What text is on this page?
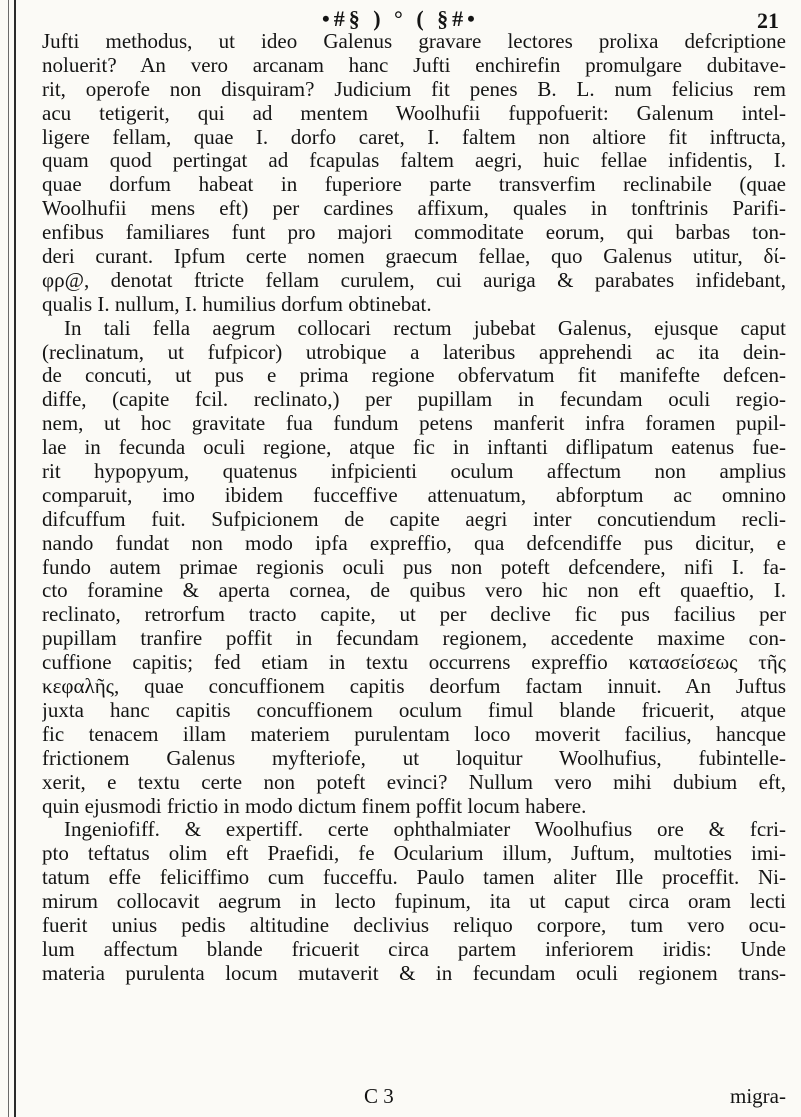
•#§ ) ° ( §#•	21
Jufti methodus, ut ideo Galenus gravare lectores prolixa defcriptione
noluerit? An vero arcanam hanc Jufti enchirefin promulgare dubitave-
rit, operofe non disquiram? Judicium fit penes B. L. num felicius rem
acu tetigerit, qui ad mentem Woolhufii fuppofuerit: Galenum intel-
ligere fellam, quae I. dorfo caret, I. faltem non altiore fit inftructa,
quam quod pertingat ad fcapulas faltem aegri, huic fellae infidentis, I.
quae dorfum habeat in fuperiore parte transverfim reclinabile (quae
Woolhufii mens eft) per cardines affixum, quales in tonftrinis Parifi-
enfibus familiares funt pro majori commoditate eorum, qui barbas ton-
deri curant. Ipfum certe nomen graecum fellae, quo Galenus utitur, δί-
φρ@, denotat ftricte fellam curulem, cui auriga & parabates infidebant,
qualis I. nullum, I. humilius dorfum obtinebat.
In tali fella aegrum collocari rectum jubebat Galenus, ejusque caput
(reclinatum, ut fufpicor) utrobique a lateribus apprehendi ac ita dein-
de concuti, ut pus e prima regione obfervatum fit manifefte defcen-
diffe, (capite fcil. reclinato,) per pupillam in fecundam oculi regio-
nem, ut hoc gravitate fua fundum petens manferit infra foramen pupil-
lae in fecunda oculi regione, atque fic in inftanti diflipatum eatenus fue-
rit hypopyum, quatenus infpicienti oculum affectum non amplius
comparuit, imo ibidem fucceffive attenuatum, abforptum ac omnino
difcuffum fuit. Sufpicionem de capite aegri inter concutiendum recli-
nando fundat non modo ipfa expreffio, qua defcendiffe pus dicitur, e
fundo autem primae regionis oculi pus non poteft defcendere, nifi I. fa-
cto foramine & aperta cornea, de quibus vero hic non eft quaeftio, I.
reclinato, retrorfum tracto capite, ut per declive fic pus facilius per
pupillam tranfire poffit in fecundam regionem, accedente maxime con-
cuffione capitis; fed etiam in textu occurrens expreffio κατασείσεως τῆς
κεφαλῆς, quae concuffionem capitis deorfum factam innuit. An Juftus
juxta hanc capitis concuffionem oculum fimul blande fricuerit, atque
fic tenacem illam materiem purulentam loco moverit facilius, hancque
frictionem Galenus myfteriofe, ut loquitur Woolhufius, fubintelle-
xerit, e textu certe non poteft evinci? Nullum vero mihi dubium eft,
quin ejusmodi frictio in modo dictum finem poffit locum habere.
Ingeniofiff. & expertiff. certe ophthalmiater Woolhufius ore & fcri-
pto teftatus olim eft Praefidi, fe Ocularium illum, Juftum, multoties imi-
tatum effe feliciffimo cum fucceffu. Paulo tamen aliter Ille proceffit. Ni-
mirum collocavit aegrum in lecto fupinum, ita ut caput circa oram lecti
fuerit unius pedis altitudine declivius reliquo corpore, tum vero ocu-
lum affectum blande fricuerit circa partem inferiorem iridis: Unde
materia purulenta locum mutaverit & in fecundam oculi regionem trans-
C 3	migra-
